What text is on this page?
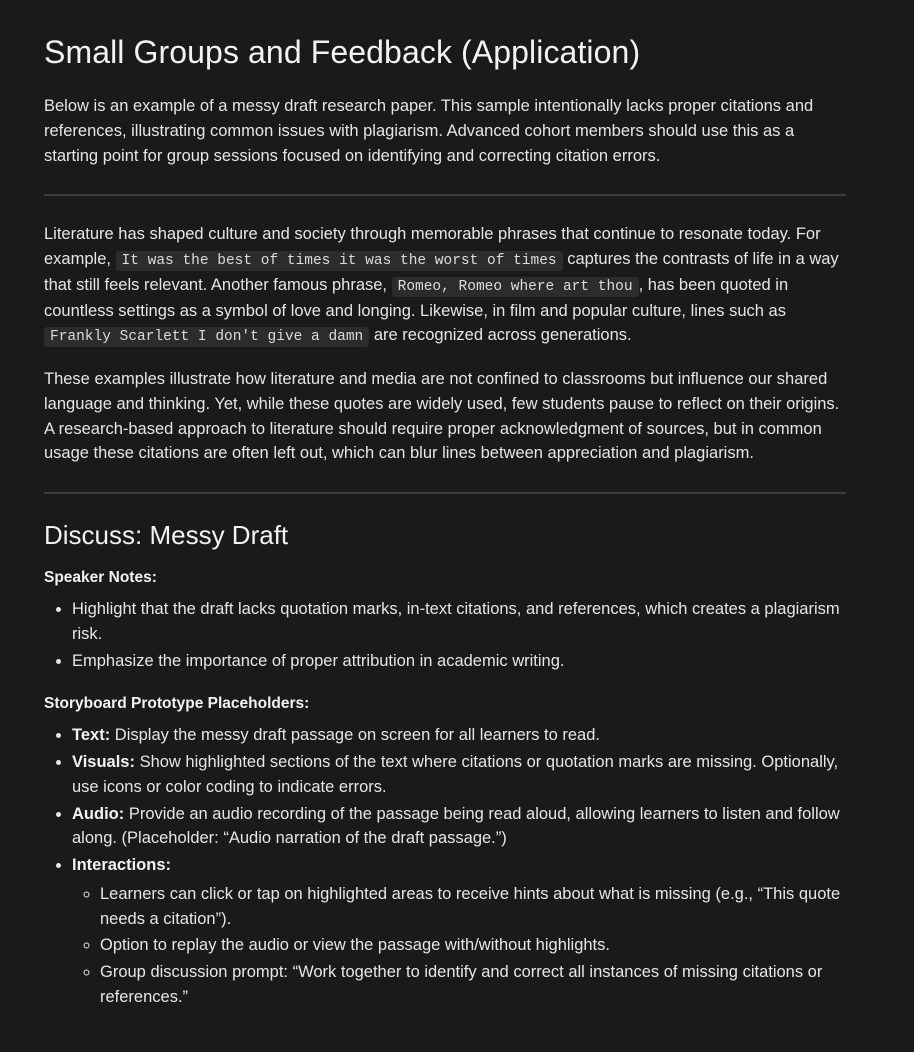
Small Groups and Feedback (Application)

Below is an example of a messy draft research paper. This sample intentionally lacks proper citations and references, illustrating common issues with plagiarism. Advanced cohort members should use this as a starting point for group sessions focused on identifying and correcting citation errors.

Literature has shaped culture and society through memorable phrases that continue to resonate today. For example, It was the best of times it was the worst of times captures the contrasts of life in a way that still feels relevant. Another famous phrase, Romeo, Romeo where art thou , has been quoted in countless settings as a symbol of love and longing. Likewise, in film and popular culture, lines such as Frankly Scarlett I don't give a damn are recognized across generations.

These examples illustrate how literature and media are not confined to classrooms but influence our shared language and thinking. Yet, while these quotes are widely used, few students pause to reflect on their origins. A research-based approach to literature should require proper acknowledgment of sources, but in common usage these citations are often left out, which can blur lines between appreciation and plagiarism.

Discuss: Messy Draft
Speaker Notes:
• Highlight that the draft lacks quotation marks, in-text citations, and references, which creates a plagiarism risk.
• Emphasize the importance of proper attribution in academic writing.
Storyboard Prototype Placeholders:
• Text: Display the messy draft passage on screen for all learners to read.
• Visuals: Show highlighted sections of the text where citations or quotation marks are missing. Optionally, use icons or color coding to indicate errors.
• Audio: Provide an audio recording of the passage being read aloud, allowing learners to listen and follow along. (Placeholder: “Audio narration of the draft passage.”)
• Interactions:
◦ Learners can click or tap on highlighted areas to receive hints about what is missing (e.g., “This quote needs a citation”).
◦ Option to replay the audio or view the passage with/without highlights.
◦ Group discussion prompt: “Work together to identify and correct all instances of missing citations or references.”
